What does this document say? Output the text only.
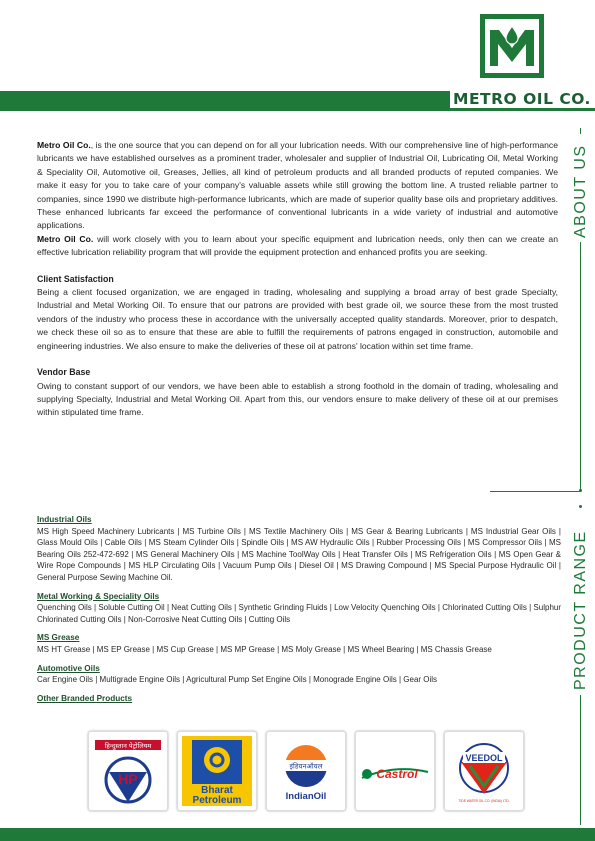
METRO OIL CO.

Metro Oil Co., is the one source that you can depend on for all your lubrication needs. With our comprehensive line of high-performance lubricants we have established ourselves as a prominent trader, wholesaler and supplier of Industrial Oil, Lubricating Oil, Metal Working & Speciality Oil, Automotive oil, Greases, Jellies, all kind of petroleum products and all branded products of reputed companies. We make it easy for you to take care of your company's valuable assets while still growing the bottom line. A trusted reliable partner to companies, since 1990 we distribute high-performance lubricants, which are made of superior quality base oils and proprietary additives. These enhanced lubricants far exceed the performance of conventional lubricants in a wide variety of industrial and automotive applications.

Metro Oil Co. will work closely with you to learn about your specific equipment and lubrication needs, only then can we create an effective lubrication reliability program that will provide the equipment protection and enhanced profits you are seeking.

Client Satisfaction

Being a client focused organization, we are engaged in trading, wholesaling and supplying a broad array of best grade Specialty, Industrial and Metal Working Oil. To ensure that our patrons are provided with best grade oil, we source these from the most trusted vendors of the industry who process these in accordance with the universally accepted quality standards. Moreover, prior to despatch, we check these oil so as to ensure that these are able to fulfill the requirements of patrons engaged in construction, automobile and engineering industries. We also ensure to make the deliveries of these oil at patrons' location within set time frame.

Vendor Base

Owing to constant support of our vendors, we have been able to establish a strong foothold in the domain of trading, wholesaling and supplying Specialty, Industrial and Metal Working Oil. Apart from this, our vendors ensure to make delivery of these oil at our premises within stipulated time frame.

ABOUT US
PRODUCT RANGE
Industrial Oils
MS High Speed Machinery Lubricants | MS Turbine Oils | MS Textile Machinery Oils | MS Gear & Bearing Lubricants | MS Industrial Gear Oils | Glass Mould Oils | Cable Oils | MS Steam Cylinder Oils | Spindle Oils | MS AW Hydraulic Oils | Rubber Processing Oils | MS Compressor Oils | MS Bearing Oils 252-472-692 | MS General Machinery Oils | MS Machine ToolWay Oils | Heat Transfer Oils | MS Refrigeration Oils | MS Open Gear & Wire Rope Compounds | MS HLP Circulating Oils | Vacuum Pump Oils | Diesel Oil | MS Drawing Compound | MS Special Purpose Hydraulic Oil | General Purpose Sewing Machine Oil.
Metal Working & Speciality Oils
Quenching Oils | Soluble Cutting Oil | Neat Cutting Oils | Synthetic Grinding Fluids | Low Velocity Quenching Oils | Chlorinated Cutting Oils | Sulphur Chlorinated Cutting Oils | Non-Corrosive Neat Cutting Oils | Cutting Oils
MS Grease
MS HT Grease | MS EP Grease | MS Cup Grease | MS MP Grease | MS Moly Grease | MS Wheel Bearing | MS Chassis Grease
Automotive Oils
Car Engine Oils | Multigrade Engine Oils | Agricultural Pump Set Engine Oils | Monograde Engine Oils | Gear Oils
Other Branded Products
हिन्दुस्तान पेट्रोलियम
HP
Bharat
Petroleum
इंडियनऑयल
IndianOil
Castrol
VEEDOL
TIDE WATER OIL CO. (INDIA) LTD.
